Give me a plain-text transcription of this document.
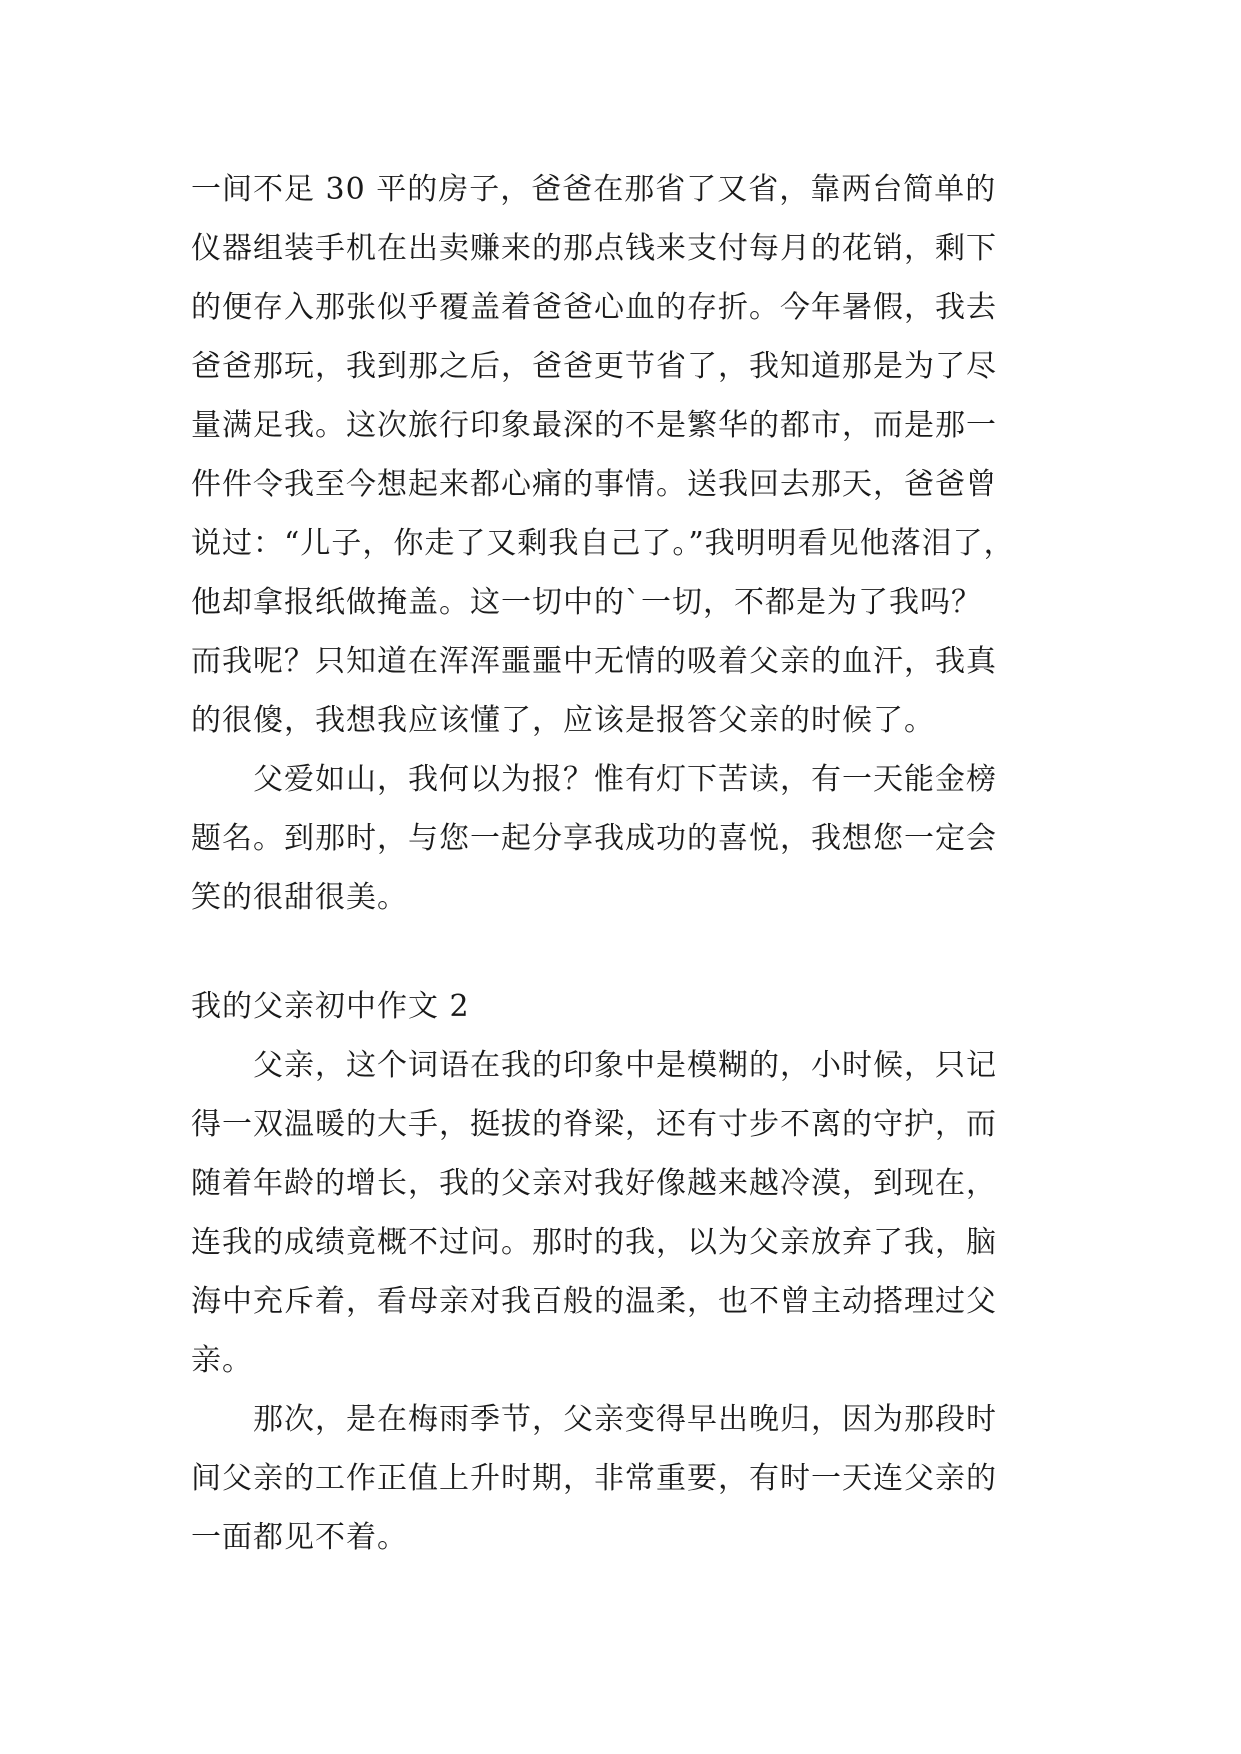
一间不足 30 平的房子，爸爸在那省了又省，靠两台简单的
仪器组装手机在出卖赚来的那点钱来支付每月的花销，剩下
的便存入那张似乎覆盖着爸爸心血的存折。今年暑假，我去
爸爸那玩，我到那之后，爸爸更节省了，我知道那是为了尽
量满足我。这次旅行印象最深的不是繁华的都市，而是那一
件件令我至今想起来都心痛的事情。送我回去那天，爸爸曾
说过：“儿子，你走了又剩我自己了。”我明明看见他落泪了，
他却拿报纸做掩盖。这一切中的`一切，不都是为了我吗？
而我呢？只知道在浑浑噩噩中无情的吸着父亲的血汗，我真
的很傻，我想我应该懂了，应该是报答父亲的时候了。

父爱如山，我何以为报？惟有灯下苦读，有一天能金榜
题名。到那时，与您一起分享我成功的喜悦，我想您一定会
笑的很甜很美。

我的父亲初中作文 2

父亲，这个词语在我的印象中是模糊的，小时候，只记
得一双温暖的大手，挺拔的脊梁，还有寸步不离的守护，而
随着年龄的增长，我的父亲对我好像越来越冷漠，到现在，
连我的成绩竟概不过问。那时的我，以为父亲放弃了我，脑
海中充斥着，看母亲对我百般的温柔，也不曾主动搭理过父
亲。

那次，是在梅雨季节，父亲变得早出晚归，因为那段时
间父亲的工作正值上升时期，非常重要，有时一天连父亲的
一面都见不着。
